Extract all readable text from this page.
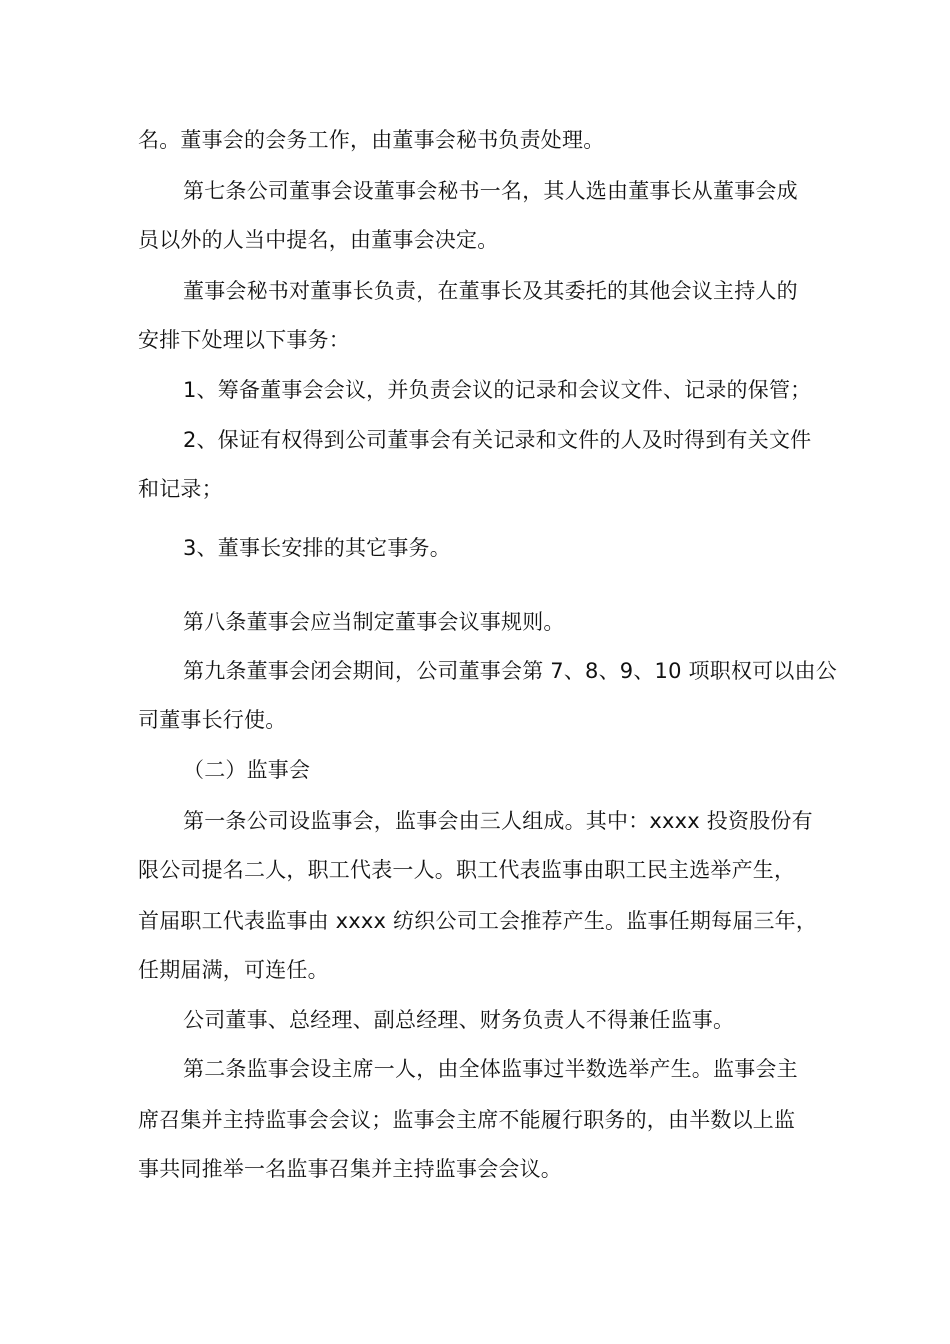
名。董事会的会务工作，由董事会秘书负责处理。
第七条公司董事会设董事会秘书一名，其人选由董事长从董事会成
员以外的人当中提名，由董事会决定。
董事会秘书对董事长负责，在董事长及其委托的其他会议主持人的
安排下处理以下事务：
1、筹备董事会会议，并负责会议的记录和会议文件、记录的保管；
2、保证有权得到公司董事会有关记录和文件的人及时得到有关文件
和记录；
3、董事长安排的其它事务。
第八条董事会应当制定董事会议事规则。
第九条董事会闭会期间，公司董事会第 7、8、9、10 项职权可以由公
司董事长行使。
（二）监事会
第一条公司设监事会，监事会由三人组成。其中：xxxx 投资股份有
限公司提名二人，职工代表一人。职工代表监事由职工民主选举产生，
首届职工代表监事由 xxxx 纺织公司工会推荐产生。监事任期每届三年，
任期届满，可连任。
公司董事、总经理、副总经理、财务负责人不得兼任监事。
第二条监事会设主席一人，由全体监事过半数选举产生。监事会主
席召集并主持监事会会议；监事会主席不能履行职务的，由半数以上监
事共同推举一名监事召集并主持监事会会议。
